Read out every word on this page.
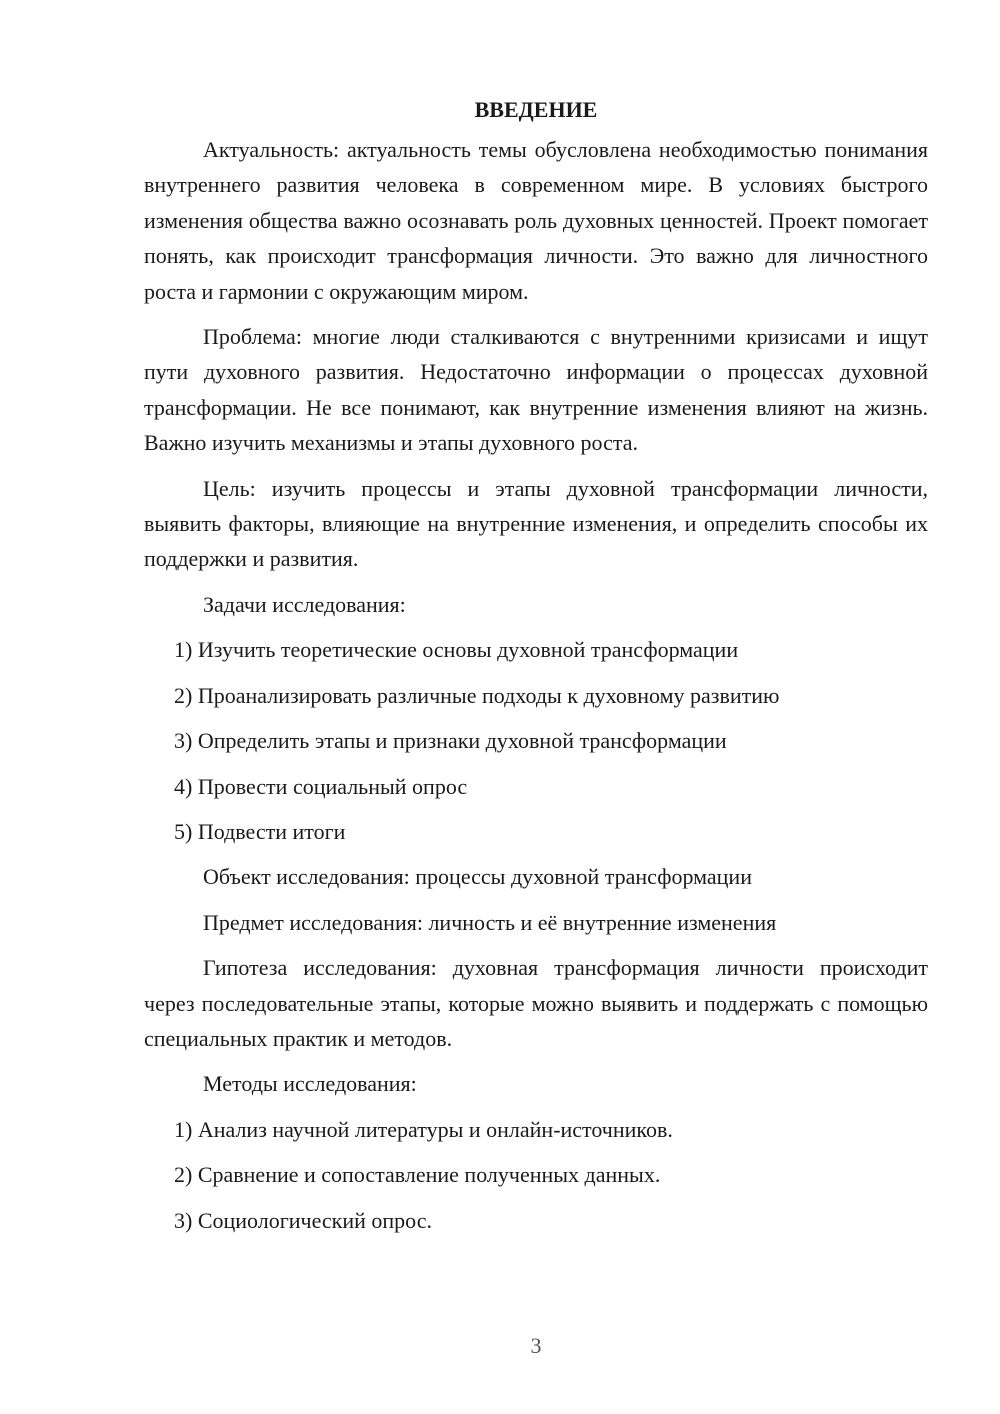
ВВЕДЕНИЕ

Актуальность: актуальность темы обусловлена необходимостью понимания внутреннего развития человека в современном мире. В условиях быстрого изменения общества важно осознавать роль духовных ценностей. Проект помогает понять, как происходит трансформация личности. Это важно для личностного роста и гармонии с окружающим миром.

Проблема: многие люди сталкиваются с внутренними кризисами и ищут пути духовного развития. Недостаточно информации о процессах духовной трансформации. Не все понимают, как внутренние изменения влияют на жизнь. Важно изучить механизмы и этапы духовного роста.

Цель: изучить процессы и этапы духовной трансформации личности, выявить факторы, влияющие на внутренние изменения, и определить способы их поддержки и развития.

Задачи исследования:
1) Изучить теоретические основы духовной трансформации
2) Проанализировать различные подходы к духовному развитию
3) Определить этапы и признаки духовной трансформации
4) Провести социальный опрос
5) Подвести итоги
Объект исследования: процессы духовной трансформации
Предмет исследования: личность и её внутренние изменения

Гипотеза исследования: духовная трансформация личности происходит через последовательные этапы, которые можно выявить и поддержать с помощью специальных практик и методов.

Методы исследования:
1) Анализ научной литературы и онлайн-источников.
2) Сравнение и сопоставление полученных данных.
3) Социологический опрос.
3
